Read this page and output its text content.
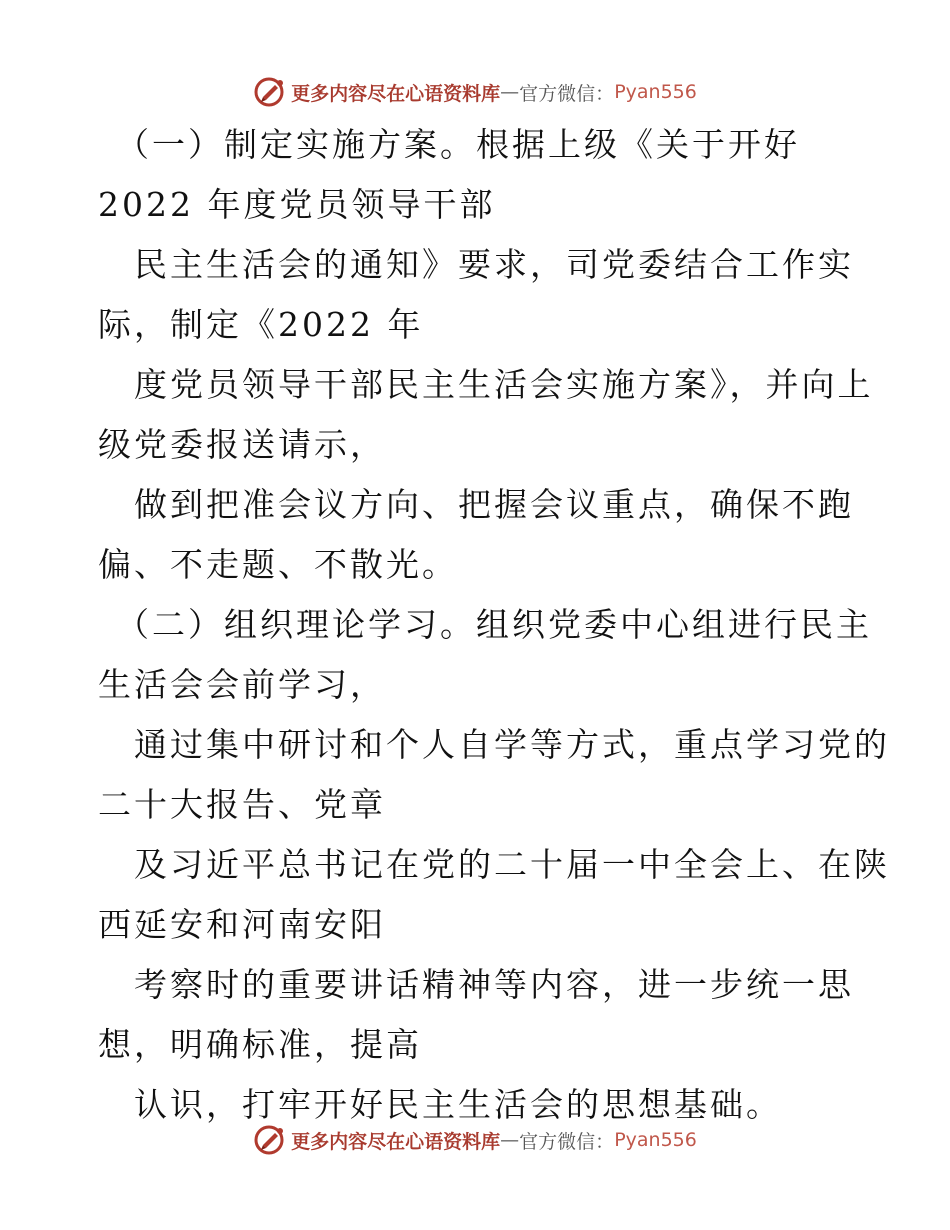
更多内容尽在心语资料库 — 官方微信： Pyan556
（一）制定实施方案。根据上级《关于开好
2022 年度党员领导干部
民主生活会的通知》要求，司党委结合工作实
际，制定《2022 年
度党员领导干部民主生活会实施方案》，并向上
级党委报送请示，
做到把准会议方向、把握会议重点，确保不跑
偏、不走题、不散光。
（二）组织理论学习。组织党委中心组进行民主
生活会会前学习，
通过集中研讨和个人自学等方式，重点学习党的
二十大报告、党章
及习近平总书记在党的二十届一中全会上、在陕
西延安和河南安阳
考察时的重要讲话精神等内容，进一步统一思
想，明确标准，提高
认识，打牢开好民主生活会的思想基础。
更多内容尽在心语资料库 — 官方微信： Pyan556
